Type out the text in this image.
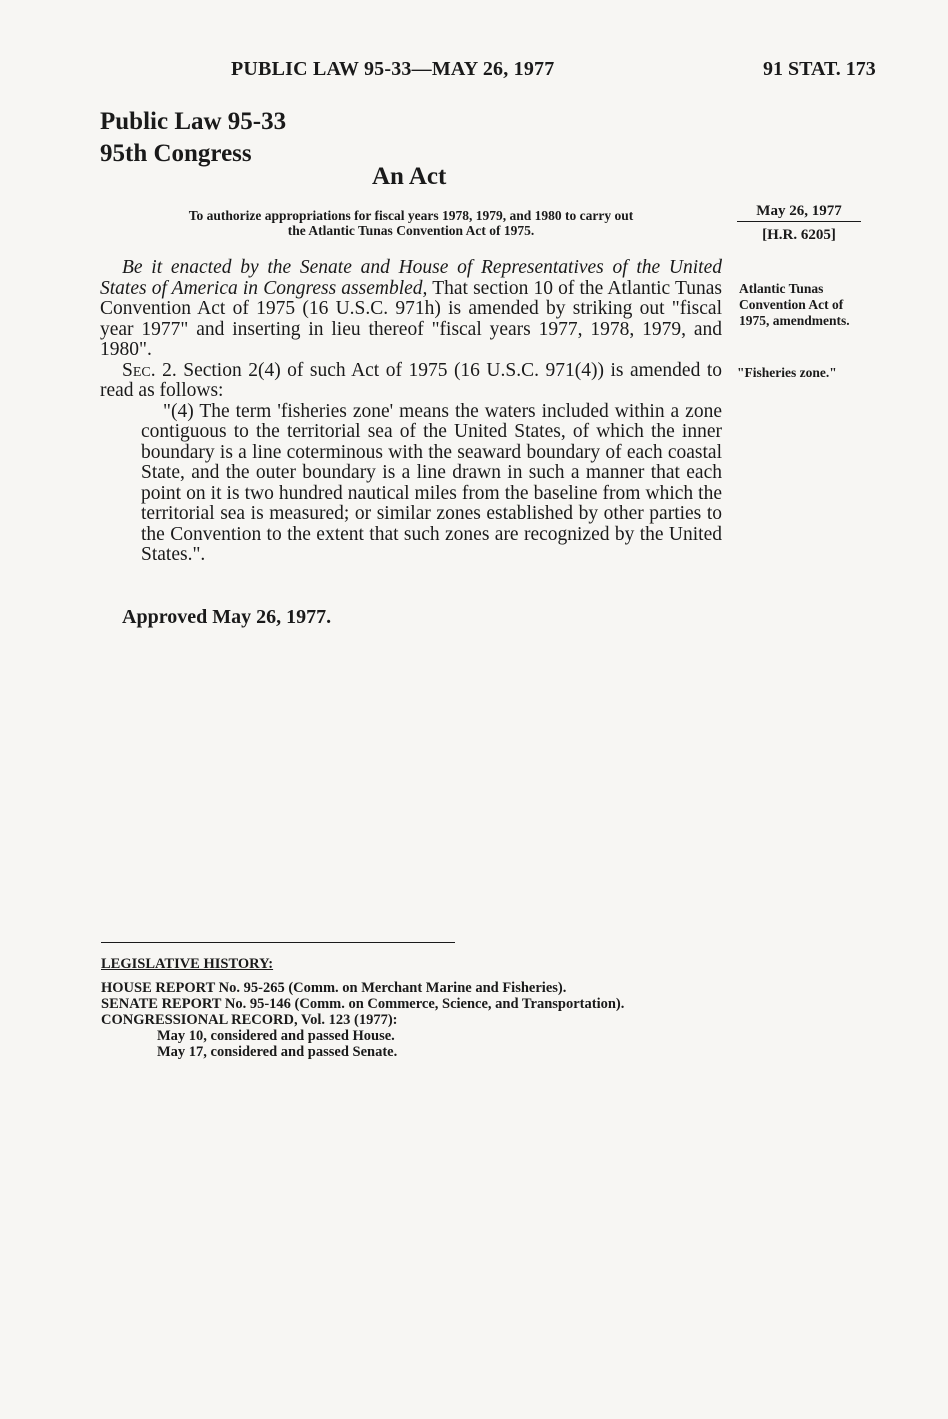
PUBLIC LAW 95-33—MAY 26, 1977	91 STAT. 173
Public Law 95-33
95th Congress
An Act
To authorize appropriations for fiscal years 1978, 1979, and 1980 to carry out
the Atlantic Tunas Convention Act of 1975.
May 26, 1977
[H.R. 6205]

Be it enacted by the Senate and House of Representatives of the United States of America in Congress assembled, That section 10 of the Atlantic Tunas Convention Act of 1975 (16 U.S.C. 971h) is amended by striking out "fiscal year 1977" and inserting in lieu thereof "fiscal years 1977, 1978, 1979, and 1980".

Sec. 2. Section 2(4) of such Act of 1975 (16 U.S.C. 971(4)) is amended to read as follows:

"(4) The term 'fisheries zone' means the waters included within a zone contiguous to the territorial sea of the United States, of which the inner boundary is a line coterminous with the seaward boundary of each coastal State, and the outer boundary is a line drawn in such a manner that each point on it is two hundred nautical miles from the baseline from which the territorial sea is measured; or similar zones established by other parties to the Convention to the extent that such zones are recognized by the United States.".

Atlantic Tunas Convention Act of 1975, amendments.
"Fisheries zone."
Approved May 26, 1977.
LEGISLATIVE HISTORY:
HOUSE REPORT No. 95-265 (Comm. on Merchant Marine and Fisheries).
SENATE REPORT No. 95-146 (Comm. on Commerce, Science, and Transportation).
CONGRESSIONAL RECORD, Vol. 123 (1977):
May 10, considered and passed House.
May 17, considered and passed Senate.
